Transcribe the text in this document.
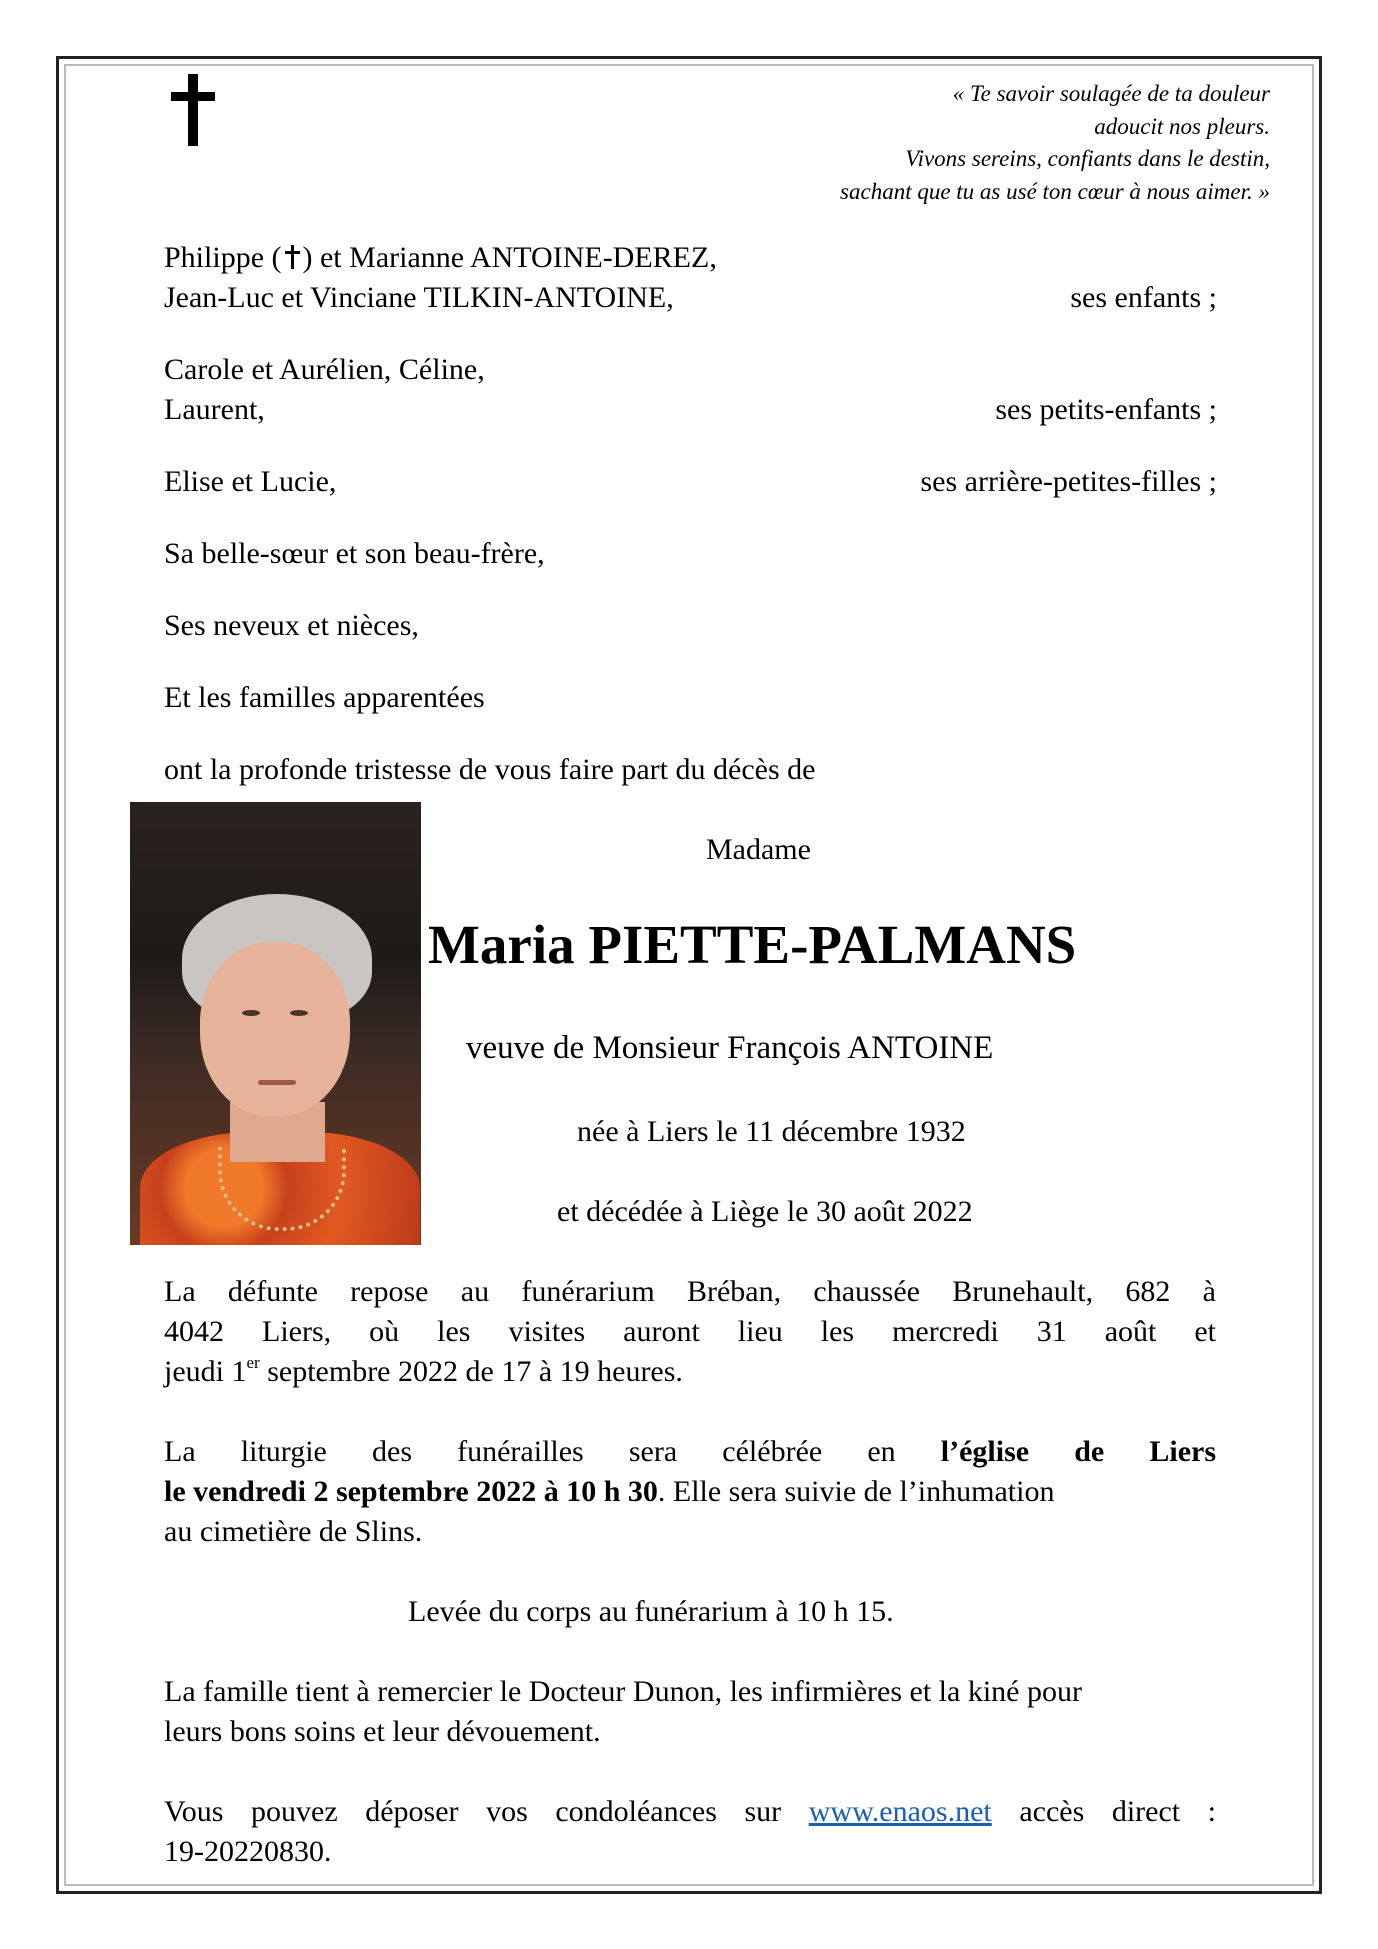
« Te savoir soulagée de ta douleur
adoucit nos pleurs.
Vivons sereins, confiants dans le destin,
sachant que tu as usé ton cœur à nous aimer. »
Philippe ( ) et Marianne ANTOINE-DEREZ,
Jean-Luc et Vinciane TILKIN-ANTOINE,	ses enfants ;
Carole et Aurélien, Céline,
Laurent,	ses petits-enfants ;
Elise et Lucie,	ses arrière-petites-filles ;
Sa belle-sœur et son beau-frère,
Ses neveux et nièces,
Et les familles apparentées
ont la profonde tristesse de vous faire part du décès de
Madame
Maria PIETTE-PALMANS
veuve de Monsieur François ANTOINE
née à Liers le 11 décembre 1932
et décédée à Liège le 30 août 2022
La défunte repose au funérarium Bréban, chaussée Brunehault, 682 à
4042 Liers, où les visites auront lieu les mercredi 31 août et
jeudi 1er septembre 2022 de 17 à 19 heures.
La liturgie des funérailles sera célébrée en l’église de Liers
le vendredi 2 septembre 2022 à 10 h 30. Elle sera suivie de l’inhumation
au cimetière de Slins.
Levée du corps au funérarium à 10 h 15.
La famille tient à remercier le Docteur Dunon, les infirmières et la kiné pour
leurs bons soins et leur dévouement.
Vous pouvez déposer vos condoléances sur www.enaos.net accès direct :
19-20220830.
